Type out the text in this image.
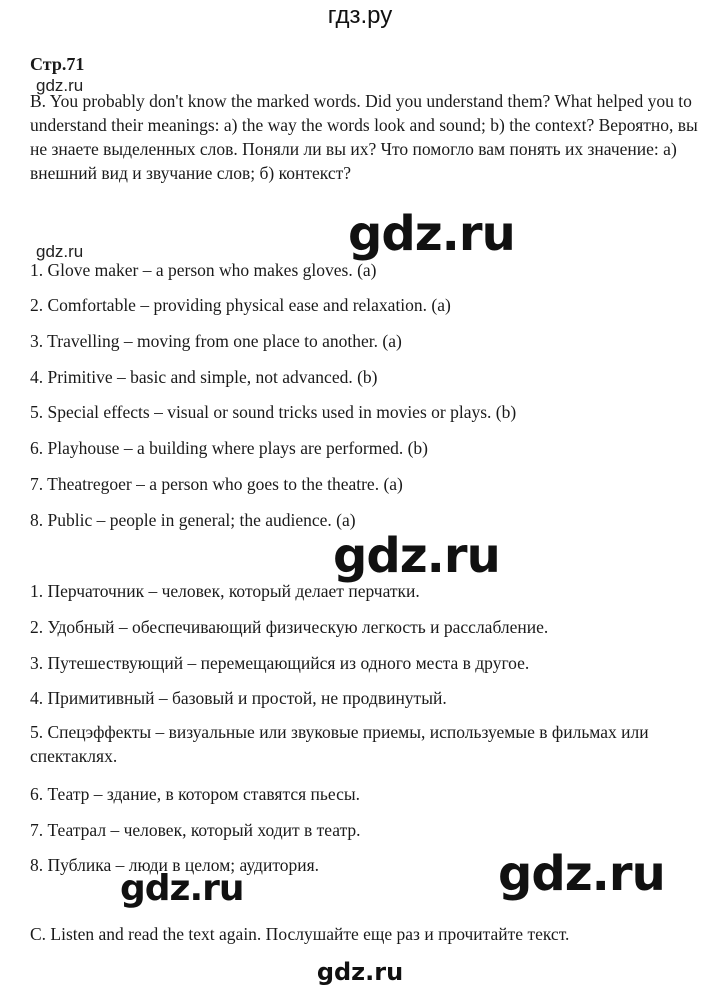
гдз.ру
Стр.71
gdz.ru
B. You probably don't know the marked words. Did you understand them? What helped you to understand their meanings: a) the way the words look and sound; b) the context? Вероятно, вы не знаете выделенных слов. Поняли ли вы их? Что помогло вам понять их значение: а) внешний вид и звучание слов; б) контекст?
gdz.ru
gdz.ru
1. Glove maker – a person who makes gloves. (a)
2. Comfortable – providing physical ease and relaxation. (a)
3. Travelling – moving from one place to another. (a)
4. Primitive – basic and simple, not advanced. (b)
5. Special effects – visual or sound tricks used in movies or plays. (b)
6. Playhouse – a building where plays are performed. (b)
7. Theatregoer – a person who goes to the theatre. (a)
8. Public – people in general; the audience. (a)
gdz.ru
1. Перчаточник – человек, который делает перчатки.
2. Удобный – обеспечивающий физическую легкость и расслабление.
3. Путешествующий – перемещающийся из одного места в другое.
4. Примитивный – базовый и простой, не продвинутый.
5. Спецэффекты – визуальные или звуковые приемы, используемые в фильмах или спектаклях.
6. Театр – здание, в котором ставятся пьесы.
7. Театрал – человек, который ходит в театр.
8. Публика – люди в целом; аудитория.	gdz.ru
gdz.ru
C. Listen and read the text again. Послушайте еще раз и прочитайте текст.
gdz.ru
